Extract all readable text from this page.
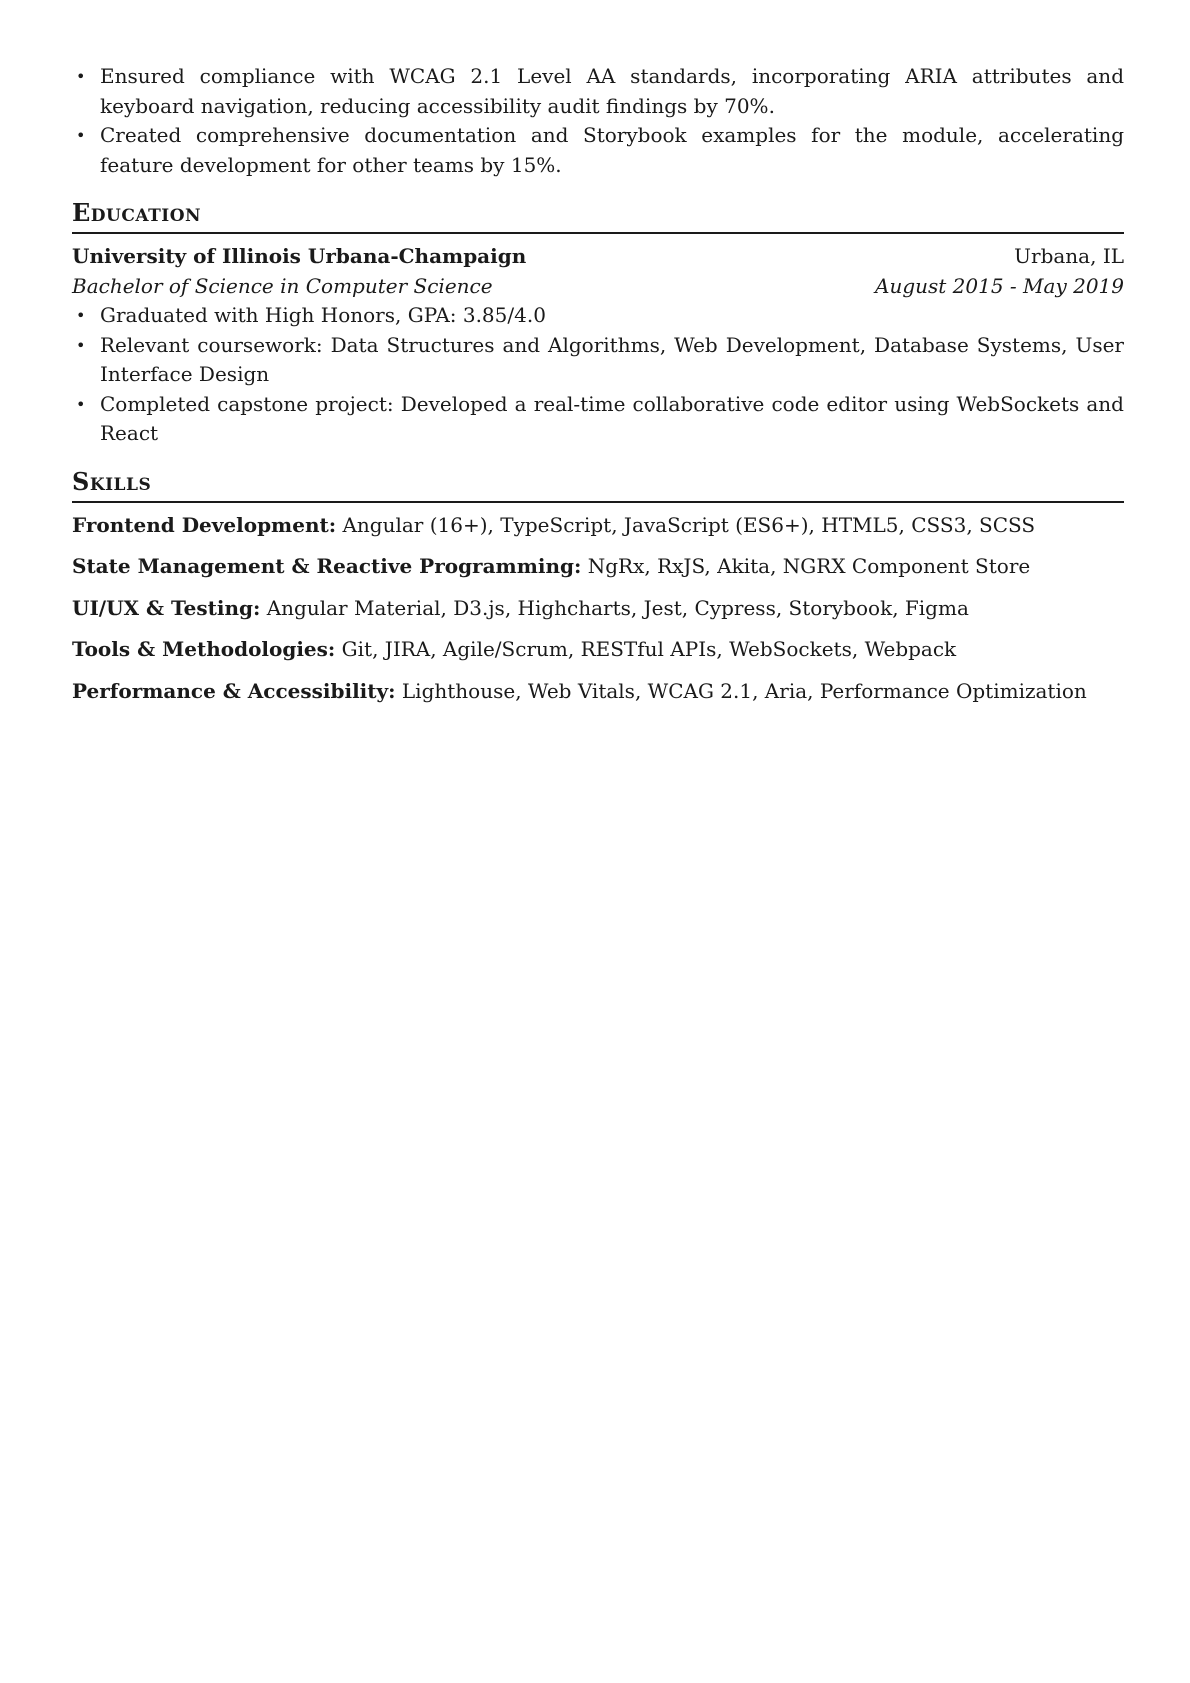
• Ensured compliance with WCAG 2.1 Level AA standards, incorporating ARIA attributes and keyboard navigation, reducing accessibility audit findings by 70%.
• Created comprehensive documentation and Storybook examples for the module, accelerating feature development for other teams by 15%.
Education
University of Illinois Urbana-Champaign	Urbana, IL
Bachelor of Science in Computer Science	August 2015 - May 2019
• Graduated with High Honors, GPA: 3.85/4.0
• Relevant coursework: Data Structures and Algorithms, Web Development, Database Systems, User Interface Design
• Completed capstone project: Developed a real-time collaborative code editor using WebSockets and React
Skills
Frontend Development: Angular (16+), TypeScript, JavaScript (ES6+), HTML5, CSS3, SCSS
State Management & Reactive Programming: NgRx, RxJS, Akita, NGRX Component Store
UI/UX & Testing: Angular Material, D3.js, Highcharts, Jest, Cypress, Storybook, Figma
Tools & Methodologies: Git, JIRA, Agile/Scrum, RESTful APIs, WebSockets, Webpack
Performance & Accessibility: Lighthouse, Web Vitals, WCAG 2.1, Aria, Performance Optimization
